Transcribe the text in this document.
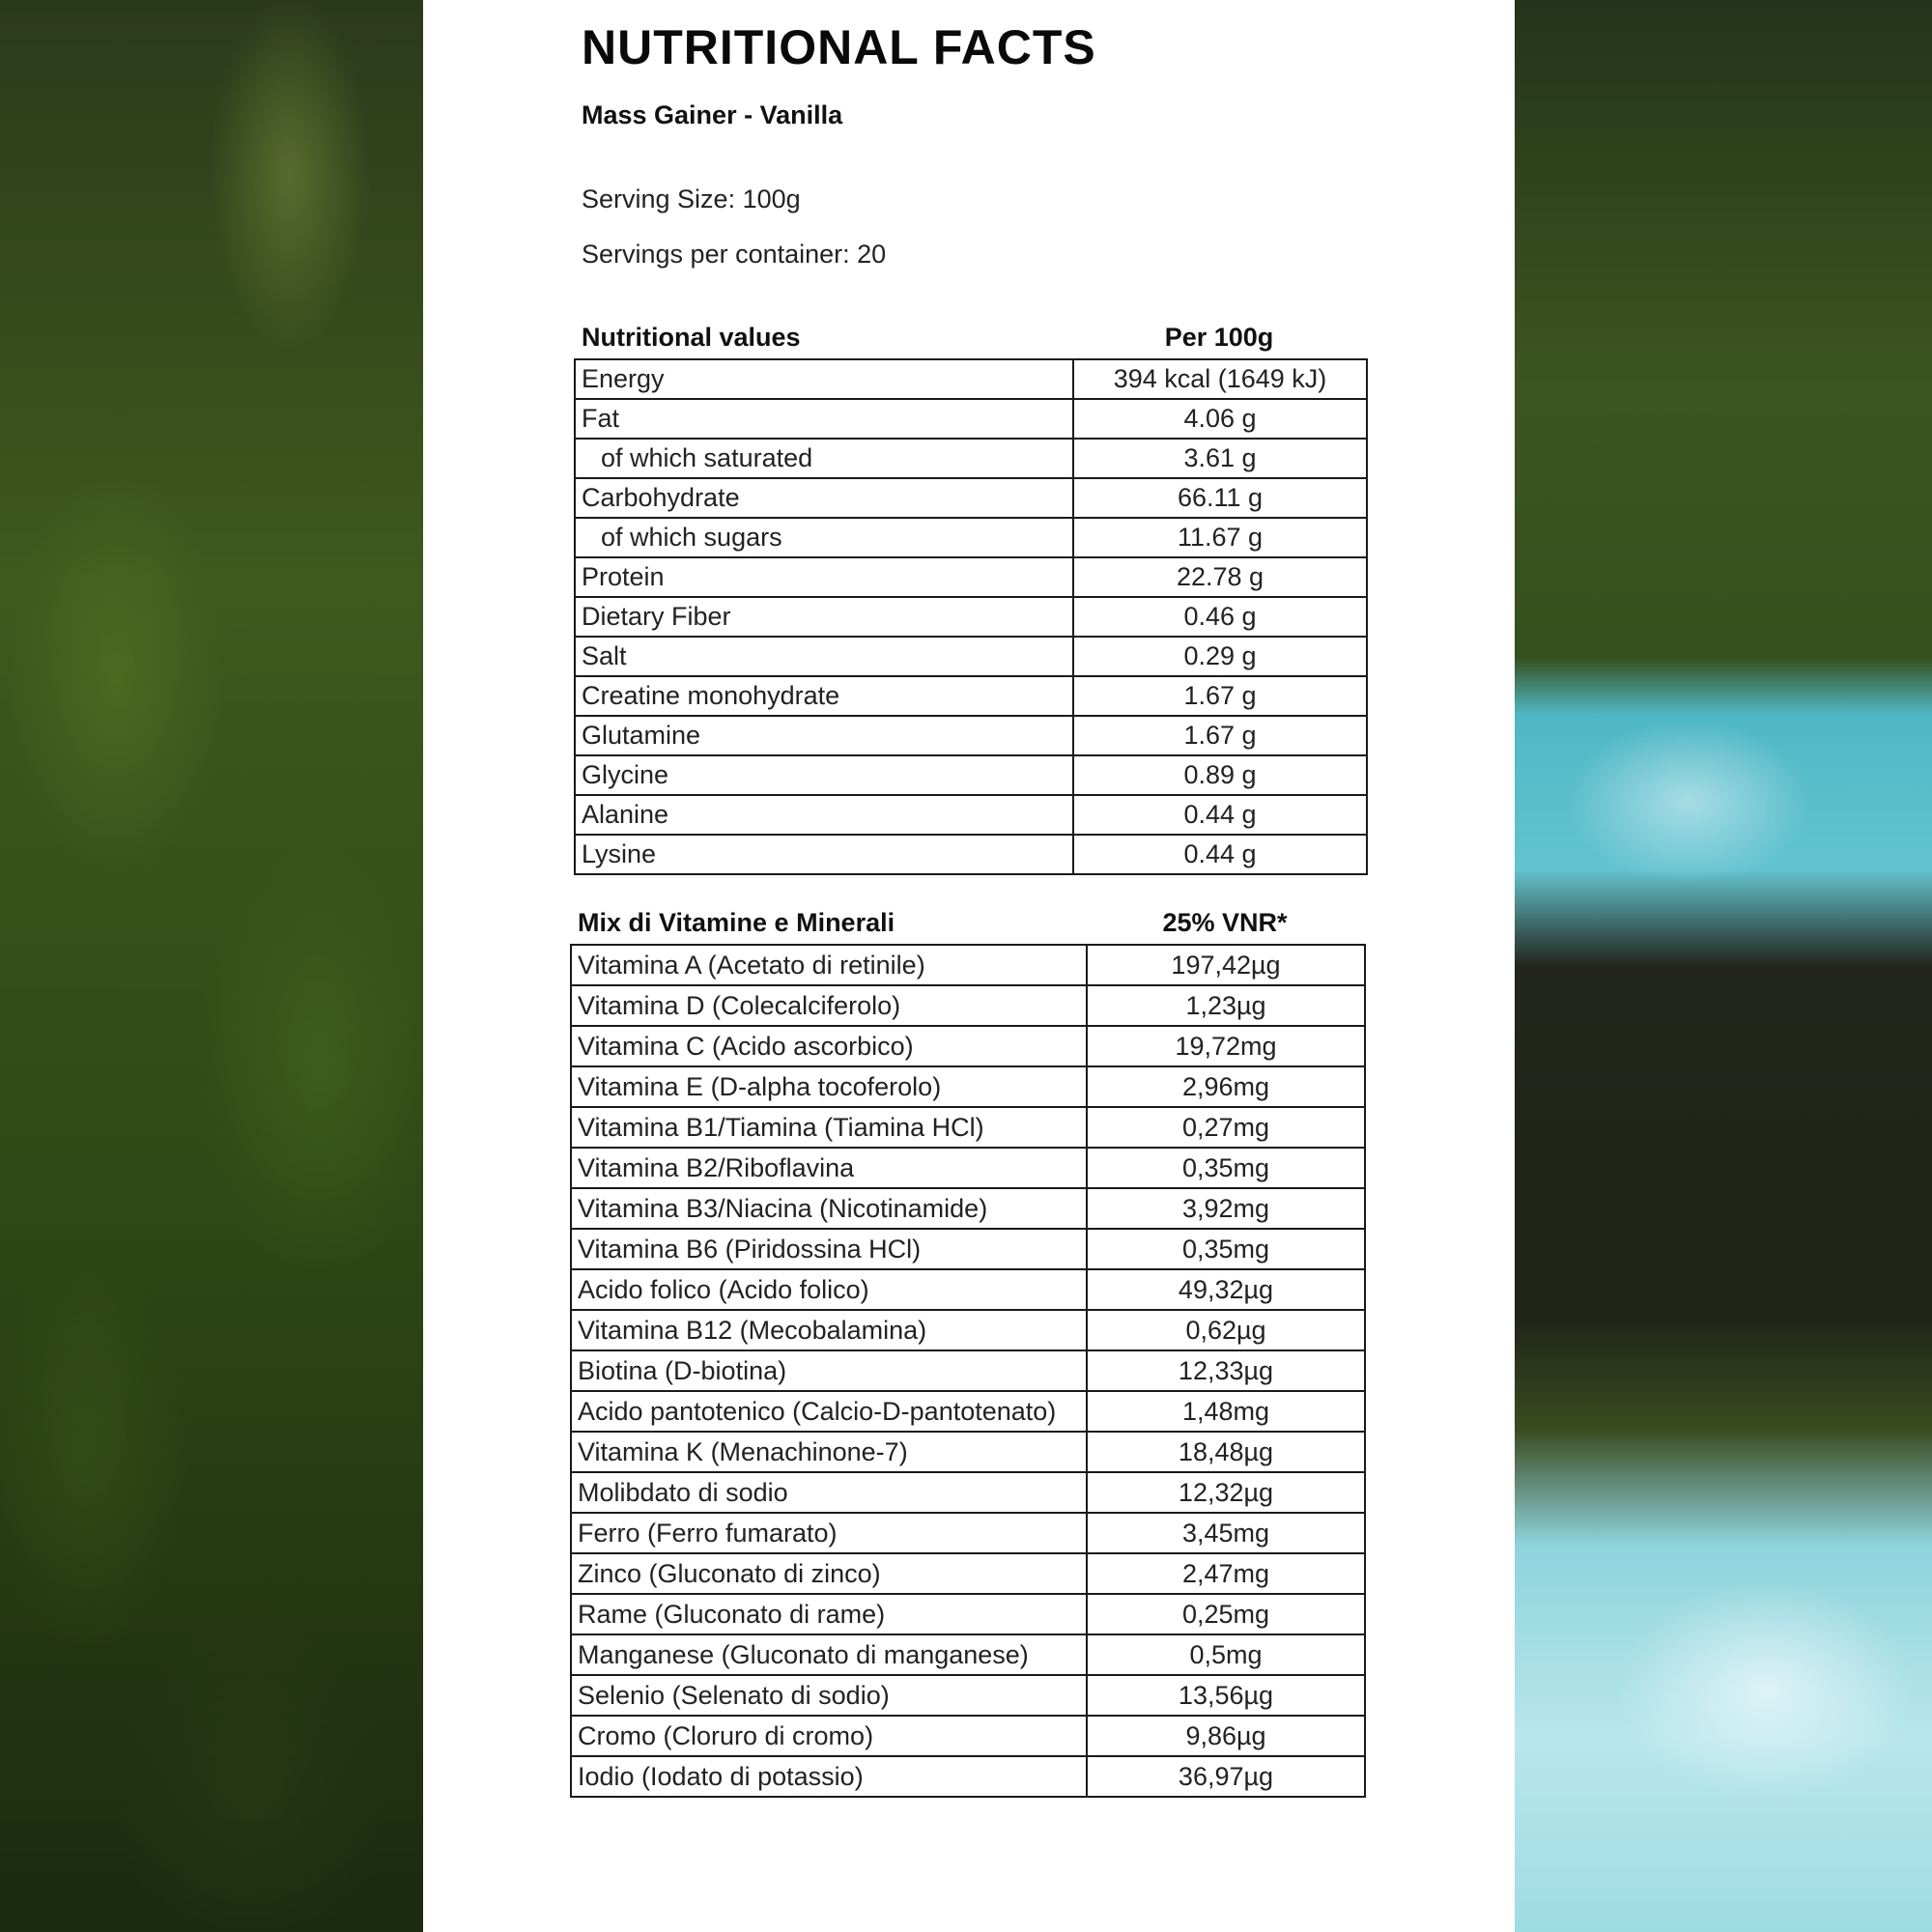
NUTRITIONAL FACTS
Mass Gainer - Vanilla
Serving Size: 100g
Servings per container: 20
Nutritional values	Per 100g
Energy	394 kcal (1649 kJ)
Fat	4.06 g
of which saturated	3.61 g
Carbohydrate	66.11 g
of which sugars	11.67 g
Protein	22.78 g
Dietary Fiber	0.46 g
Salt	0.29 g
Creatine monohydrate	1.67 g
Glutamine	1.67 g
Glycine	0.89 g
Alanine	0.44 g
Lysine	0.44 g
Mix di Vitamine e Minerali	25% VNR*
Vitamina A (Acetato di retinile)	197,42µg
Vitamina D (Colecalciferolo)	1,23µg
Vitamina C (Acido ascorbico)	19,72mg
Vitamina E (D-alpha tocoferolo)	2,96mg
Vitamina B1/Tiamina (Tiamina HCl)	0,27mg
Vitamina B2/Riboflavina	0,35mg
Vitamina B3/Niacina (Nicotinamide)	3,92mg
Vitamina B6 (Piridossina HCl)	0,35mg
Acido folico (Acido folico)	49,32µg
Vitamina B12 (Mecobalamina)	0,62µg
Biotina (D-biotina)	12,33µg
Acido pantotenico (Calcio-D-pantotenato)	1,48mg
Vitamina K (Menachinone-7)	18,48µg
Molibdato di sodio	12,32µg
Ferro (Ferro fumarato)	3,45mg
Zinco (Gluconato di zinco)	2,47mg
Rame (Gluconato di rame)	0,25mg
Manganese (Gluconato di manganese)	0,5mg
Selenio (Selenato di sodio)	13,56µg
Cromo (Cloruro di cromo)	9,86µg
Iodio (Iodato di potassio)	36,97µg
